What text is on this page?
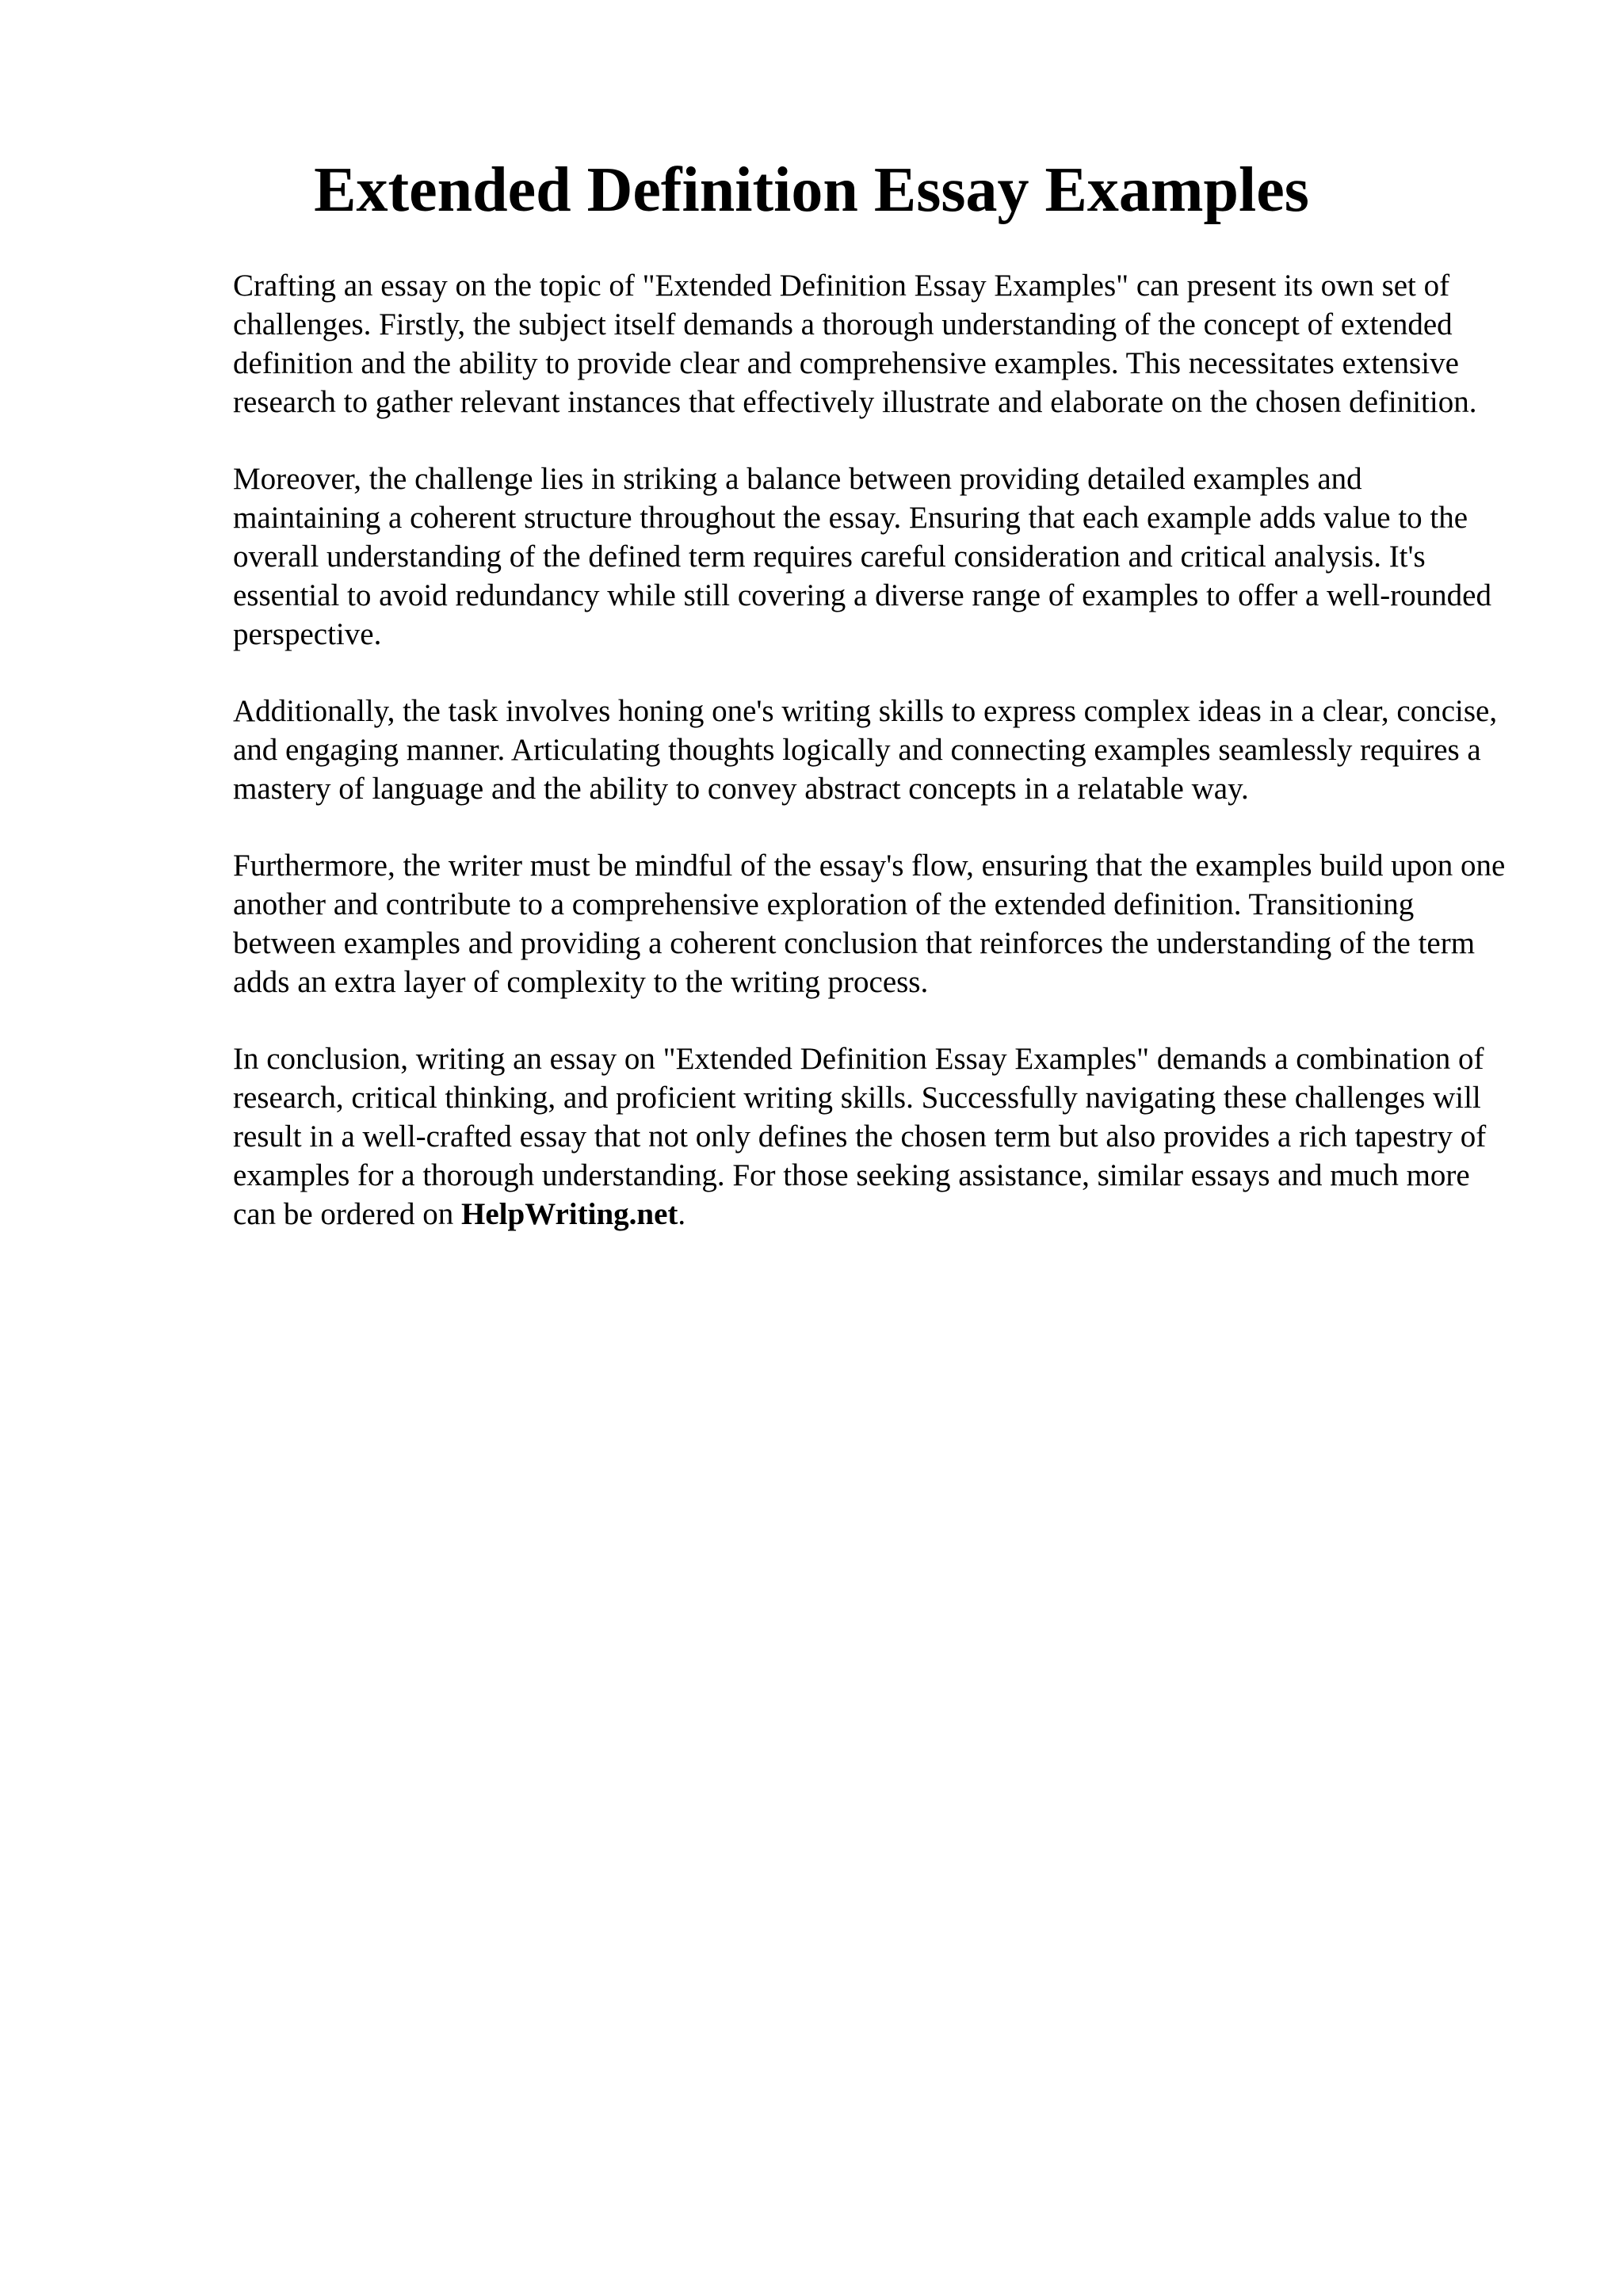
Extended Definition Essay Examples

Crafting an essay on the topic of "Extended Definition Essay Examples" can present its own set of challenges. Firstly, the subject itself demands a thorough understanding of the concept of extended definition and the ability to provide clear and comprehensive examples. This necessitates extensive research to gather relevant instances that effectively illustrate and elaborate on the chosen definition.

Moreover, the challenge lies in striking a balance between providing detailed examples and maintaining a coherent structure throughout the essay. Ensuring that each example adds value to the overall understanding of the defined term requires careful consideration and critical analysis. It's essential to avoid redundancy while still covering a diverse range of examples to offer a well-rounded perspective.

Additionally, the task involves honing one's writing skills to express complex ideas in a clear, concise, and engaging manner. Articulating thoughts logically and connecting examples seamlessly requires a mastery of language and the ability to convey abstract concepts in a relatable way.

Furthermore, the writer must be mindful of the essay's flow, ensuring that the examples build upon one another and contribute to a comprehensive exploration of the extended definition. Transitioning between examples and providing a coherent conclusion that reinforces the understanding of the term adds an extra layer of complexity to the writing process.

In conclusion, writing an essay on "Extended Definition Essay Examples" demands a combination of research, critical thinking, and proficient writing skills. Successfully navigating these challenges will result in a well-crafted essay that not only defines the chosen term but also provides a rich tapestry of examples for a thorough understanding. For those seeking assistance, similar essays and much more can be ordered on HelpWriting.net.
